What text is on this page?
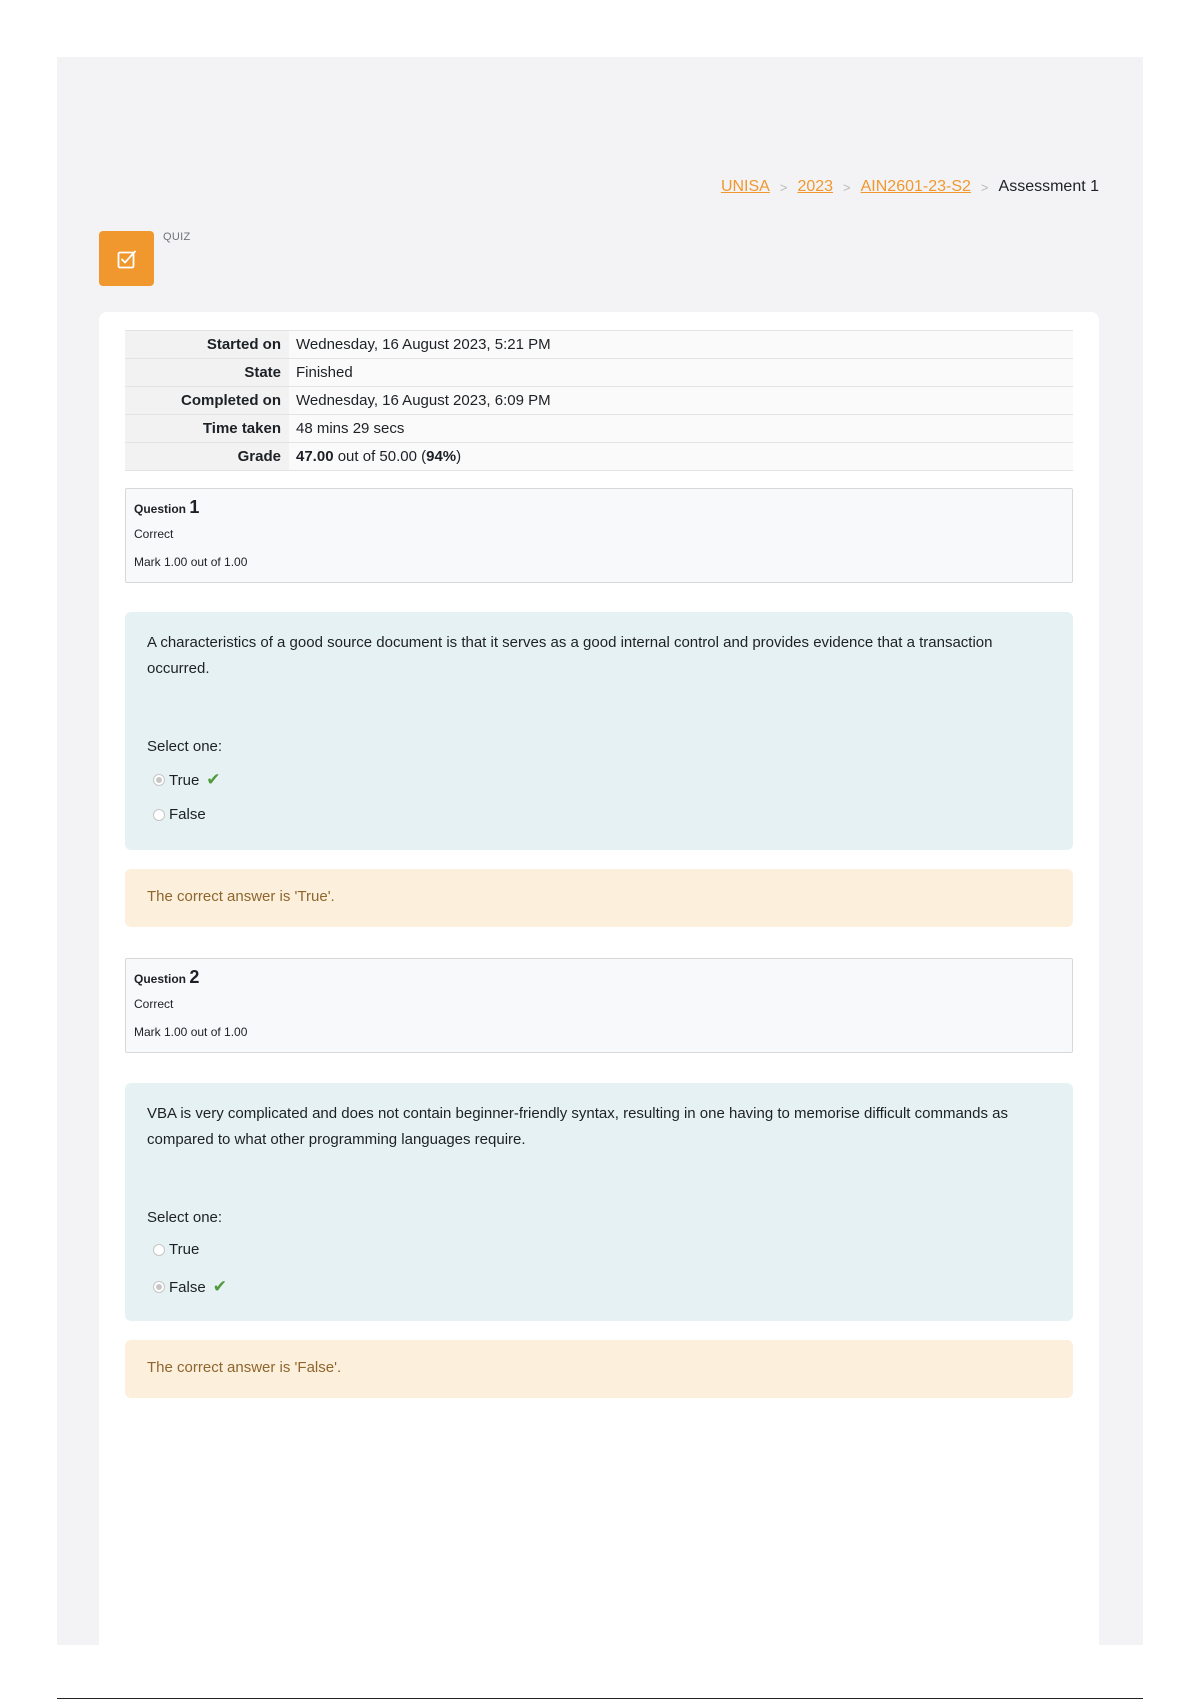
UNISA > 2023 > AIN2601-23-S2 > Assessment 1
QUIZ
Started on	Wednesday, 16 August 2023, 5:21 PM
State	Finished
Completed on	Wednesday, 16 August 2023, 6:09 PM
Time taken	48 mins 29 secs
Grade	47.00 out of 50.00 (94%)
Question 1
Correct
Mark 1.00 out of 1.00
A characteristics of a good source document is that it serves as a good internal control and provides evidence that a transaction occurred.
Select one:
True ✔
False
The correct answer is 'True'.
Question 2
Correct
Mark 1.00 out of 1.00
VBA is very complicated and does not contain beginner-friendly syntax, resulting in one having to memorise difficult commands as compared to what other programming languages require.
Select one:
True
False ✔
The correct answer is 'False'.
